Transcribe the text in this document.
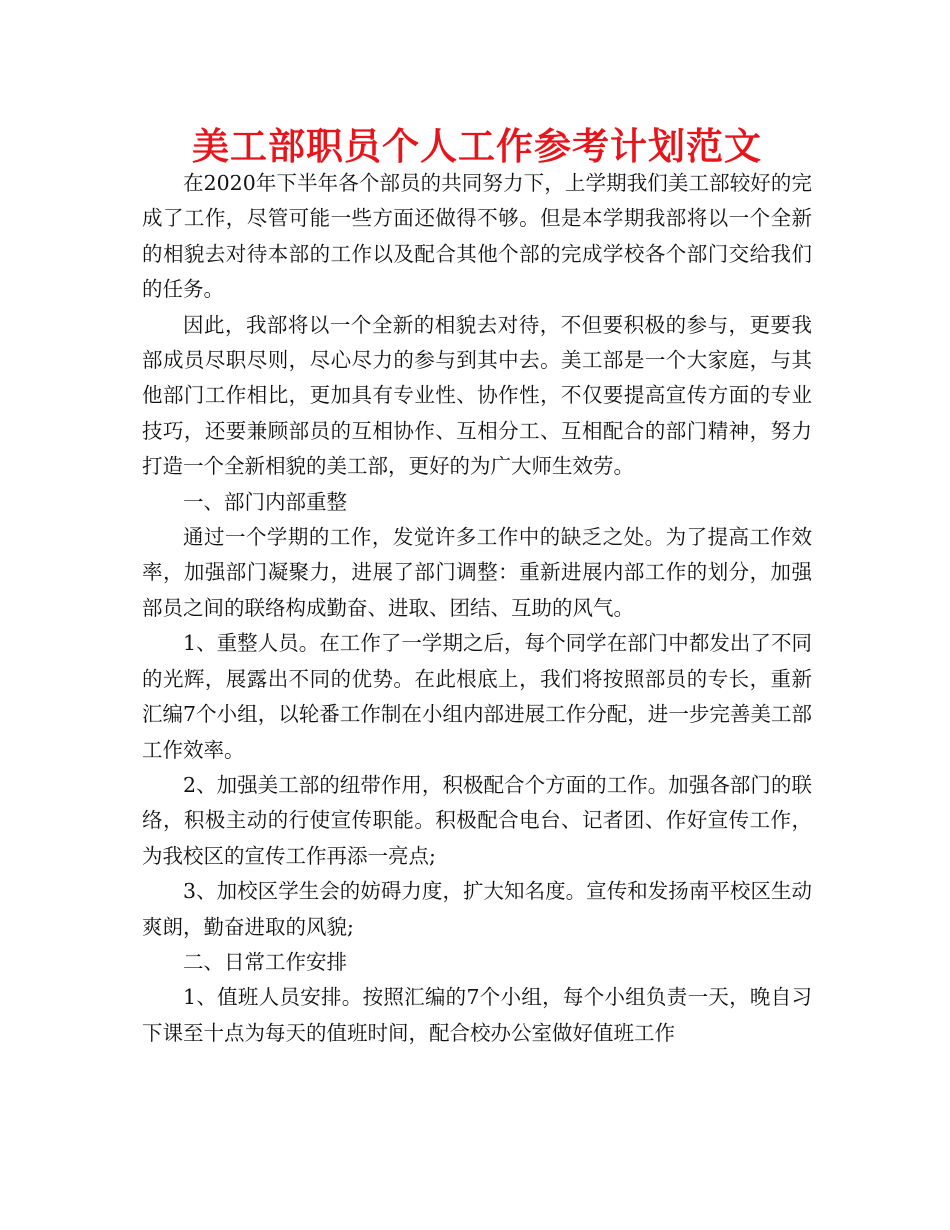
美工部职员个人工作参考计划范文

在2020年下半年各个部员的共同努力下，上学期我们美工部较好的完成了工作，尽管可能一些方面还做得不够。但是本学期我部将以一个全新的相貌去对待本部的工作以及配合其他个部的完成学校各个部门交给我们的任务。

因此，我部将以一个全新的相貌去对待，不但要积极的参与，更要我部成员尽职尽则，尽心尽力的参与到其中去。美工部是一个大家庭，与其他部门工作相比，更加具有专业性、协作性，不仅要提高宣传方面的专业技巧，还要兼顾部员的互相协作、互相分工、互相配合的部门精神，努力打造一个全新相貌的美工部，更好的为广大师生效劳。

一、部门内部重整

通过一个学期的工作，发觉许多工作中的缺乏之处。为了提高工作效率，加强部门凝聚力，进展了部门调整：重新进展内部工作的划分，加强部员之间的联络构成勤奋、进取、团结、互助的风气。

1、重整人员。在工作了一学期之后，每个同学在部门中都发出了不同的光辉，展露出不同的优势。在此根底上，我们将按照部员的专长，重新汇编7个小组，以轮番工作制在小组内部进展工作分配，进一步完善美工部工作效率。

2、加强美工部的纽带作用，积极配合个方面的工作。加强各部门的联络，积极主动的行使宣传职能。积极配合电台、记者团、作好宣传工作，为我校区的宣传工作再添一亮点;

3、加校区学生会的妨碍力度，扩大知名度。宣传和发扬南平校区生动爽朗，勤奋进取的风貌;

二、日常工作安排

1、值班人员安排。按照汇编的7个小组，每个小组负责一天，晚自习下课至十点为每天的值班时间，配合校办公室做好值班工作
